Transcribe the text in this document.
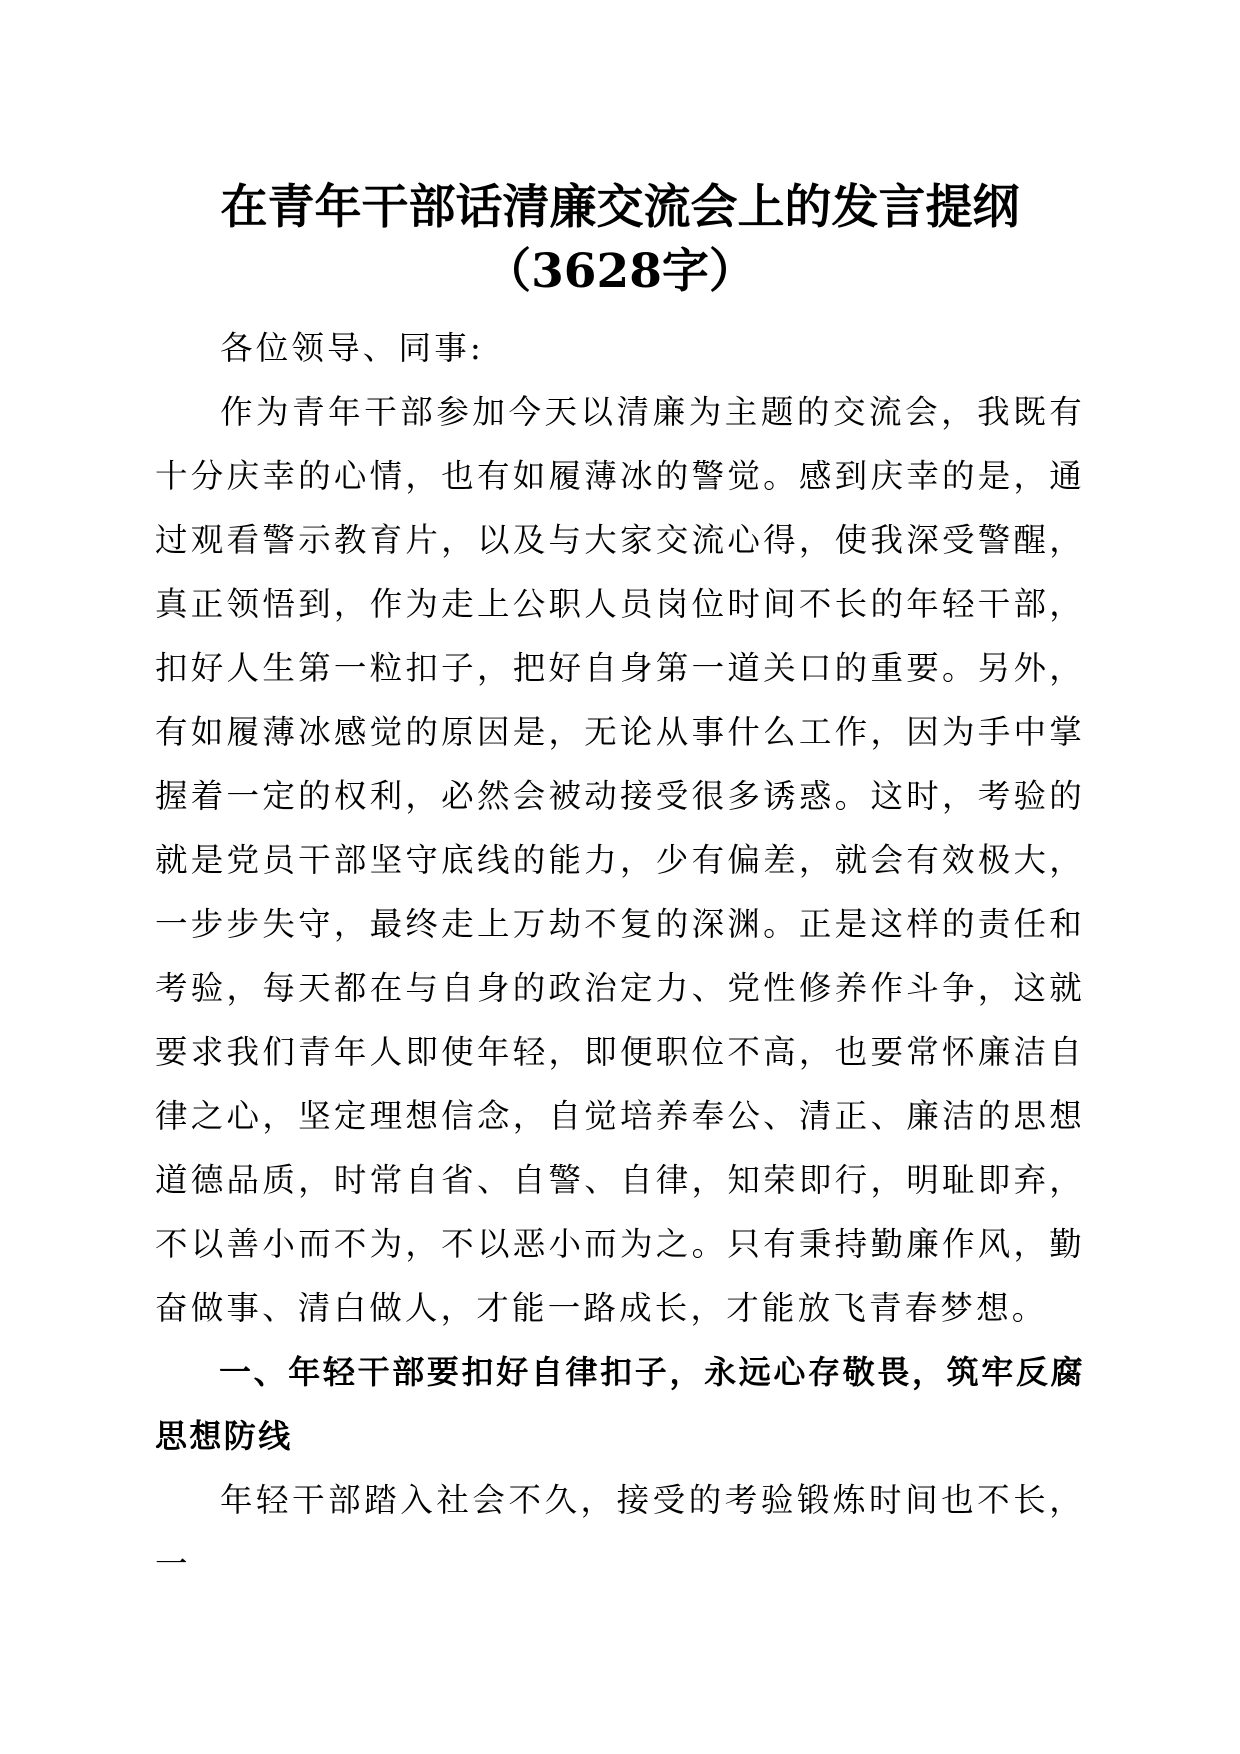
在青年干部话清廉交流会上的发言提纲（3628字）

各位领导、同事:

作为青年干部参加今天以清廉为主题的交流会，我既有十分庆幸的心情，也有如履薄冰的警觉。感到庆幸的是，通过观看警示教育片，以及与大家交流心得，使我深受警醒，真正领悟到，作为走上公职人员岗位时间不长的年轻干部，扣好人生第一粒扣子，把好自身第一道关口的重要。另外，有如履薄冰感觉的原因是，无论从事什么工作，因为手中掌握着一定的权利，必然会被动接受很多诱惑。这时，考验的就是党员干部坚守底线的能力，少有偏差，就会有效极大，一步步失守，最终走上万劫不复的深渊。正是这样的责任和考验，每天都在与自身的政治定力、党性修养作斗争，这就要求我们青年人即使年轻，即便职位不高，也要常怀廉洁自律之心，坚定理想信念，自觉培养奉公、清正、廉洁的思想道德品质，时常自省、自警、自律，知荣即行，明耻即弃，不以善小而不为，不以恶小而为之。只有秉持勤廉作风，勤奋做事、清白做人，才能一路成长，才能放飞青春梦想。

一、年轻干部要扣好自律扣子，永远心存敬畏，筑牢反腐思想防线

年轻干部踏入社会不久，接受的考验锻炼时间也不长，一
